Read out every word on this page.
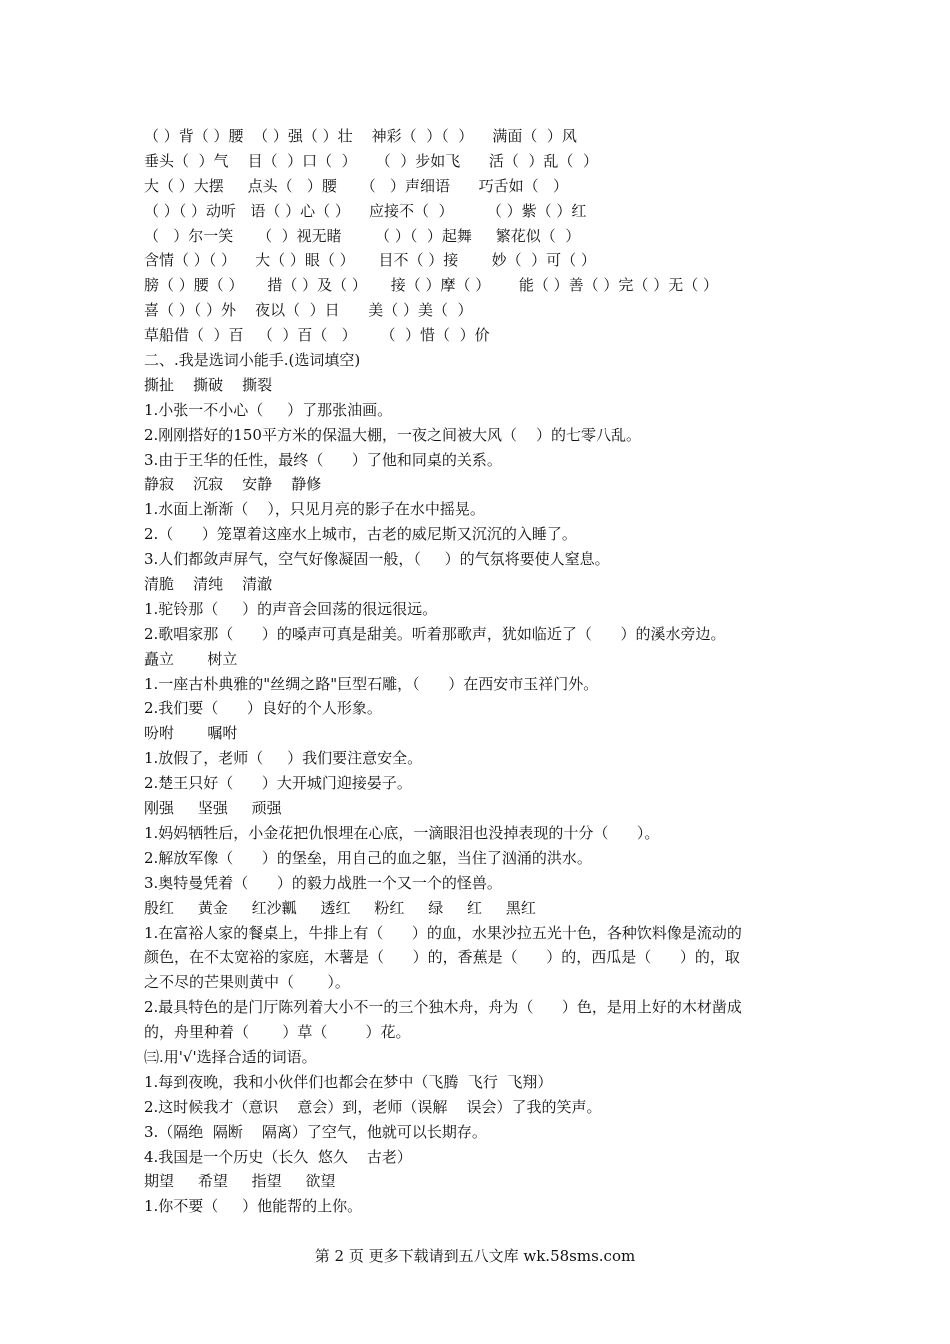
（ ）背（ ）腰  （ ）强（ ）壮    神彩（  ）（  ）    满面（  ）风
垂头（  ）气    目（  ）口（  ）    （  ）步如飞      活（  ）乱（  ）
大（ ）大摆     点头（   ）腰     （   ）声细语      巧舌如（   ）
（ ）（ ）动听   语（ ）心（ ）    应接不（  ）       （ ）紫（ ）红
（   ）尔一笑     （  ）视无睹       （ ）（  ）起舞     繁花似（  ）
含情（ ）（ ）    大（ ）眼（ ）     目不（ ）接       妙（  ）可（ ）
膀（ ）腰（ ）     措（ ）及（ ）     接（ ）摩（ ）      能（ ）善（ ）完（ ）无（ ）
喜（ ）（ ）外    夜以（  ）日      美（ ）美（  ）
草船借（  ）百   （  ）百（   ）     （  ）惜（  ）价
二、.我是选词小能手.(选词填空)
撕扯    撕破    撕裂
1.小张一不小心（     ）了那张油画。
2.刚刚搭好的150平方米的保温大棚，一夜之间被大风（    ）的七零八乱。
3.由于王华的任性，最终（      ）了他和同桌的关系。
静寂    沉寂    安静    静修
1.水面上渐渐（    ），只见月亮的影子在水中摇晃。
2.（      ）笼罩着这座水上城市，古老的威尼斯又沉沉的入睡了。
3.人们都敛声屏气，空气好像凝固一般，（     ）的气氛将要使人窒息。
清脆    清纯    清澈
1.驼铃那（     ）的声音会回荡的很远很远。
2.歌唱家那（      ）的嗓声可真是甜美。听着那歌声，犹如临近了（      ）的溪水旁边。
矗立       树立
1.一座古朴典雅的"丝绸之路"巨型石雕，（      ）在西安市玉祥门外。
2.我们要（      ）良好的个人形象。
吩咐       嘱咐
1.放假了，老师（     ）我们要注意安全。
2.楚王只好（      ）大开城门迎接晏子。
刚强     坚强     顽强
1.妈妈牺牲后，小金花把仇恨埋在心底，一滴眼泪也没掉表现的十分（      ）。
2.解放军像（      ）的堡垒，用自己的血之躯，当住了汹涌的洪水。
3.奥特曼凭着（      ）的毅力战胜一个又一个的怪兽。
殷红     黄金     红沙瓤     透红     粉红     绿     红     黑红
1.在富裕人家的餐桌上，牛排上有（      ）的血，水果沙拉五光十色，各种饮料像是流动的
颜色，在不太宽裕的家庭，木薯是（      ）的，香蕉是（      ）的，西瓜是（      ）的，取
之不尽的芒果则黄中（       ）。
2.最具特色的是门厅陈列着大小不一的三个独木舟，舟为（      ）色，是用上好的木材凿成
的，舟里种着（       ）草（        ）花。
㈢.用'√'选择合适的词语。
1.每到夜晚，我和小伙伴们也都会在梦中（飞腾  飞行  飞翔）
2.这时候我才（意识    意会）到，老师（误解    误会）了我的笑声。
3.（隔绝  隔断    隔离）了空气，他就可以长期存。
4.我国是一个历史（长久  悠久    古老）
期望     希望     指望     欲望
1.你不要（     ）他能帮的上你。
第 2 页 更多下载请到五八文库 wk.58sms.com
